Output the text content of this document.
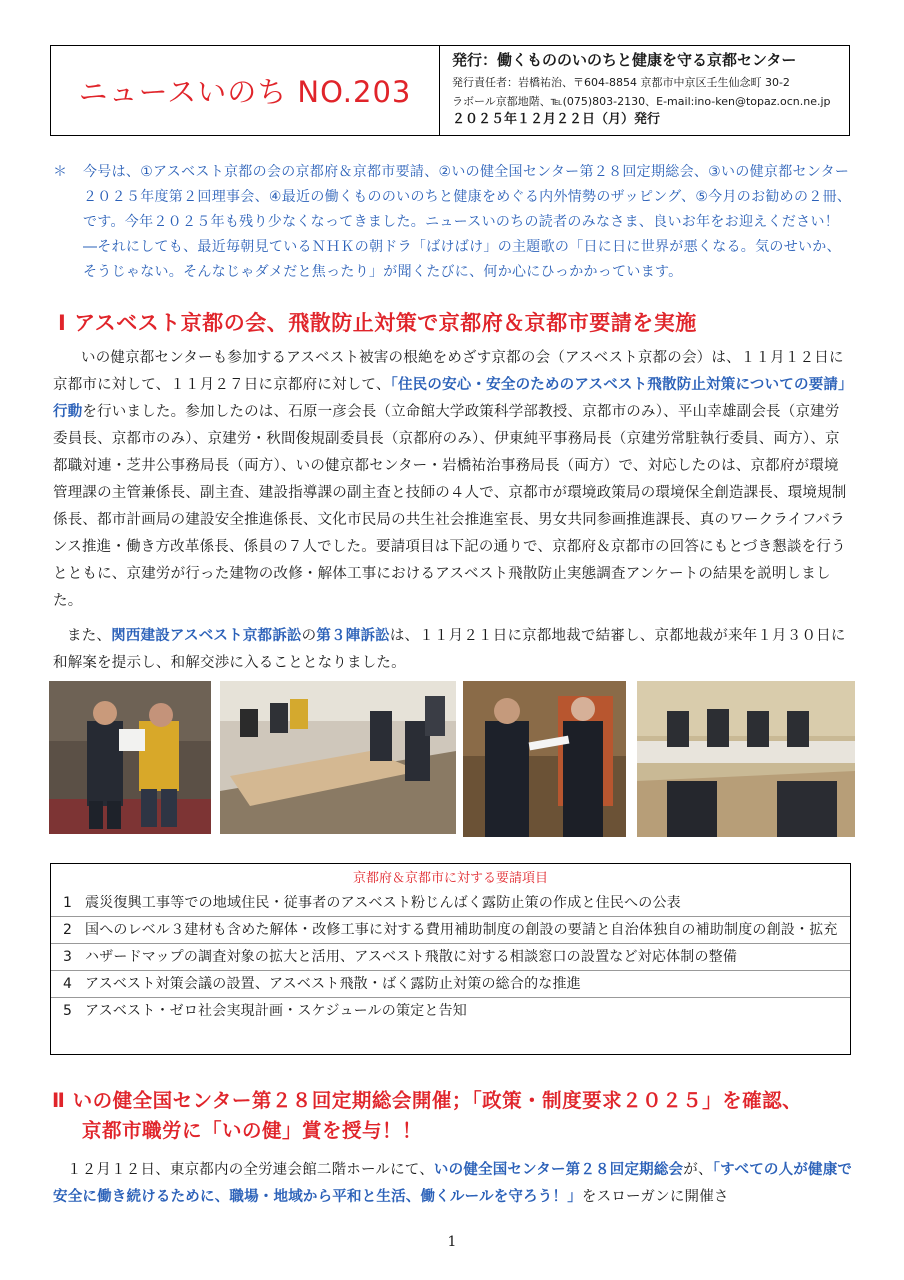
ニュースいのち NO.203
発行：働くもののいのちと健康を守る京都センター
発行責任者：岩橋祐治、〒604-8854 京都市中京区壬生仙念町 30-2
ラボール京都地階、℡(075)803-2130、E-mail:ino-ken@topaz.ocn.ne.jp
２０２５年１２月２２日（月）発行
＊ 今号は、①アスベスト京都の会の京都府＆京都市要請、②いの健全国センター第２８回定期総会、③いの健京都センター２０２５年度第２回理事会、④最近の働くもののいのちと健康をめぐる内外情勢のザッピング、⑤今月のお勧めの２冊、です。今年２０２５年も残り少なくなってきました。ニュースいのちの読者のみなさま、良いお年をお迎えください！―それにしても、最近毎朝見ているＮＨＫの朝ドラ「ばけばけ」の主題歌の「日に日に世界が悪くなる。気のせいか、そうじゃない。そんなじゃダメだと焦ったり」が聞くたびに、何か心にひっかかっています。
Ⅰ アスベスト京都の会、飛散防止対策で京都府＆京都市要請を実施
いの健京都センターも参加するアスベスト被害の根絶をめざす京都の会（アスベスト京都の会）は、１１月１２日に京都市に対して、１１月２７日に京都府に対して、「住民の安心・安全のためのアスベスト飛散防止対策についての要請」行動を行いました。参加したのは、石原一彦会長（立命館大学政策科学部教授、京都市のみ）、平山幸雄副会長（京建労委員長、京都市のみ）、京建労・秋間俊規副委員長（京都府のみ）、伊東純平事務局長（京建労常駐執行委員、両方）、京都職対連・芝井公事務局長（両方）、いの健京都センター・岩橋祐治事務局長（両方）で、対応したのは、京都府が環境管理課の主管兼係長、副主査、建設指導課の副主査と技師の４人で、京都市が環境政策局の環境保全創造課長、環境規制係長、都市計画局の建設安全推進係長、文化市民局の共生社会推進室長、男女共同参画推進課長、真のワークライフバランス推進・働き方改革係長、係員の７人でした。要請項目は下記の通りで、京都府＆京都市の回答にもとづき懇談を行うとともに、京建労が行った建物の改修・解体工事におけるアスベスト飛散防止実態調査アンケートの結果を説明しました。
また、関西建設アスベスト京都訴訟の第３陣訴訟は、１１月２１日に京都地裁で結審し、京都地裁が来年１月３０日に和解案を提示し、和解交渉に入ることとなりました。
京都府＆京都市に対する要請項目
1 震災復興工事等での地域住民・従事者のアスベスト粉じんばく露防止策の作成と住民への公表
2 国へのレベル３建材も含めた解体・改修工事に対する費用補助制度の創設の要請と自治体独自の補助制度の創設・拡充
3 ハザードマップの調査対象の拡大と活用、アスベスト飛散に対する相談窓口の設置など対応体制の整備
4 アスベスト対策会議の設置、アスベスト飛散・ばく露防止対策の総合的な推進
5 アスベスト・ゼロ社会実現計画・スケジュールの策定と告知
Ⅱ いの健全国センター第２８回定期総会開催；「政策・制度要求２０２５」を確認、
京都市職労に「いの健」賞を授与！！
１２月１２日、東京都内の全労連会館二階ホールにて、いの健全国センター第２８回定期総会が、「すべての人が健康で安全に働き続けるために、職場・地域から平和と生活、働くルールを守ろう！」をスローガンに開催さ
1
